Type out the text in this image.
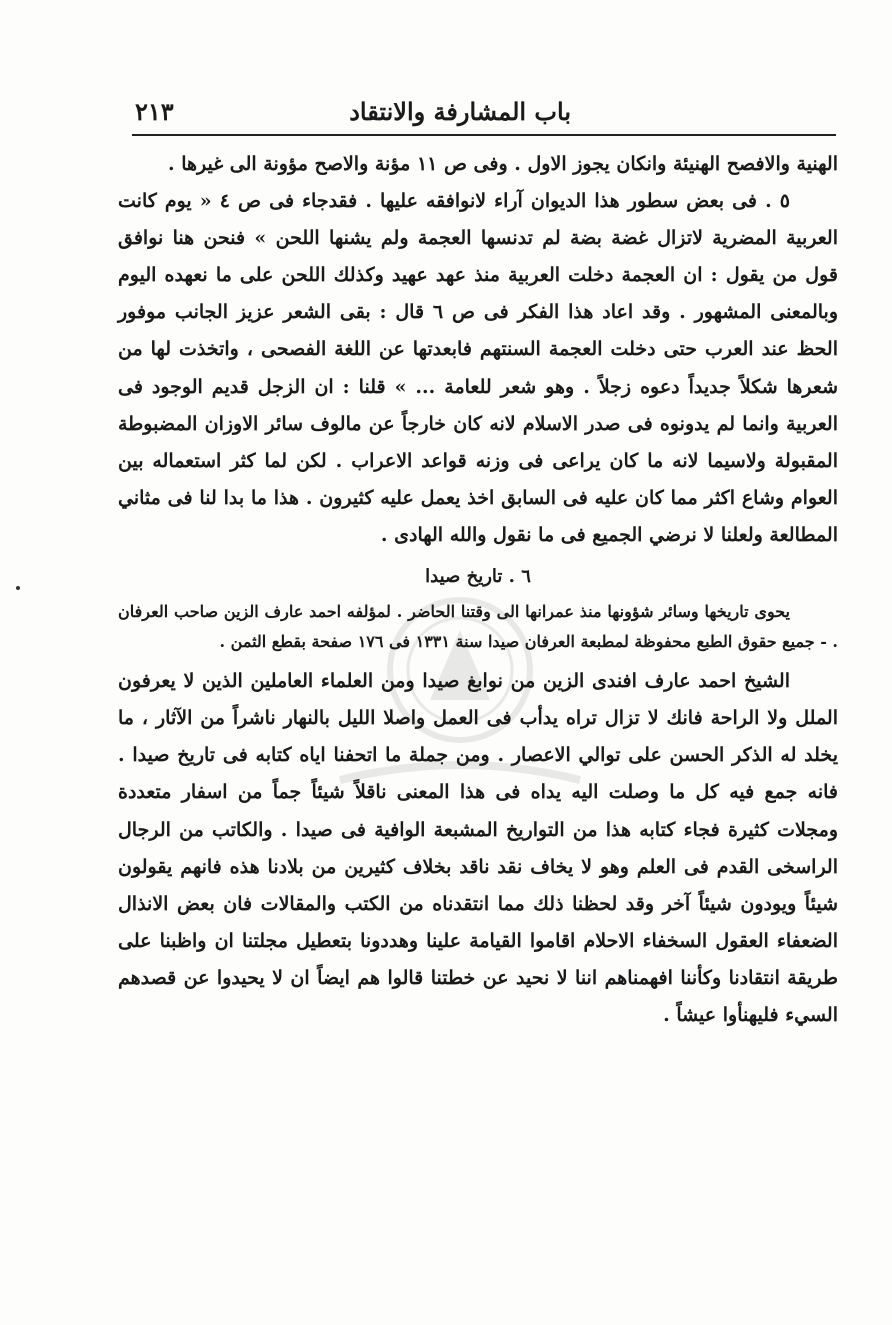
باب المشارفة والانتقاد
٢١٣

الهنية والافصح الهنيئة وانكان يجوز الاول . وفى ص ١١ مؤنة والاصح مؤونة الى غيرها .

٥ . فى بعض سطور هذا الديوان آراء لانوافقه عليها . فقدجاء فى ص ٤ « يوم كانت العربية المضرية لاتزال غضة بضة لم تدنسها العجمة ولم يشنها اللحن » فنحن هنا نوافق قول من يقول : ان العجمة دخلت العربية منذ عهد عهيد وكذلك اللحن على ما نعهده اليوم وبالمعنى المشهور . وقد اعاد هذا الفكر فى ص ٦ قال : بقى الشعر عزيز الجانب موفور الحظ عند العرب حتى دخلت العجمة السنتهم فابعدتها عن اللغة الفصحى ، واتخذت لها من شعرها شكلاً جديداً دعوه زجلاً . وهو شعر للعامة ... » قلنا : ان الزجل قديم الوجود فى العربية وانما لم يدونوه فى صدر الاسلام لانه كان خارجاً عن مالوف سائر الاوزان المضبوطة المقبولة ولاسيما لانه ما كان يراعى فى وزنه قواعد الاعراب . لكن لما كثر استعماله بين العوام وشاع اكثر مما كان عليه فى السابق اخذ يعمل عليه كثيرون . هذا ما بدا لنا فى مثاني المطالعة ولعلنا لا نرضي الجميع فى ما نقول والله الهادى .

٦ . تاريخ صيدا

يحوى تاريخها وسائر شؤونها منذ عمرانها الى وقتنا الحاضر . لمؤلفه احمد عارف الزين صاحب العرفان . - جميع حقوق الطبع محفوظة لمطبعة العرفان صيدا سنة ١٣٣١ فى ١٧٦ صفحة بقطع الثمن .

الشيخ احمد عارف افندى الزين من نوابغ صيدا ومن العلماء العاملين الذين لا يعرفون الملل ولا الراحة فانك لا تزال تراه يدأب فى العمل واصلا الليل بالنهار ناشراً من الآثار ، ما يخلد له الذكر الحسن على توالي الاعصار . ومن جملة ما اتحفنا اياه كتابه فى تاريخ صيدا . فانه جمع فيه كل ما وصلت اليه يداه فى هذا المعنى ناقلاً شيئاً جماً من اسفار متعددة ومجلات كثيرة فجاء كتابه هذا من التواريخ المشبعة الوافية فى صيدا . والكاتب من الرجال الراسخى القدم فى العلم وهو لا يخاف نقد ناقد بخلاف كثيرين من بلادنا هذه فانهم يقولون شيئاً ويودون شيئاً آخر وقد لحظنا ذلك مما انتقدناه من الكتب والمقالات فان بعض الانذال الضعفاء العقول السخفاء الاحلام اقاموا القيامة علينا وهددونا بتعطيل مجلتنا ان واظبنا على طريقة انتقادنا وكأننا افهمناهم اننا لا نحيد عن خطتنا قالوا هم ايضاً ان لا يحيدوا عن قصدهم السيء فليهنأوا عيشاً .
